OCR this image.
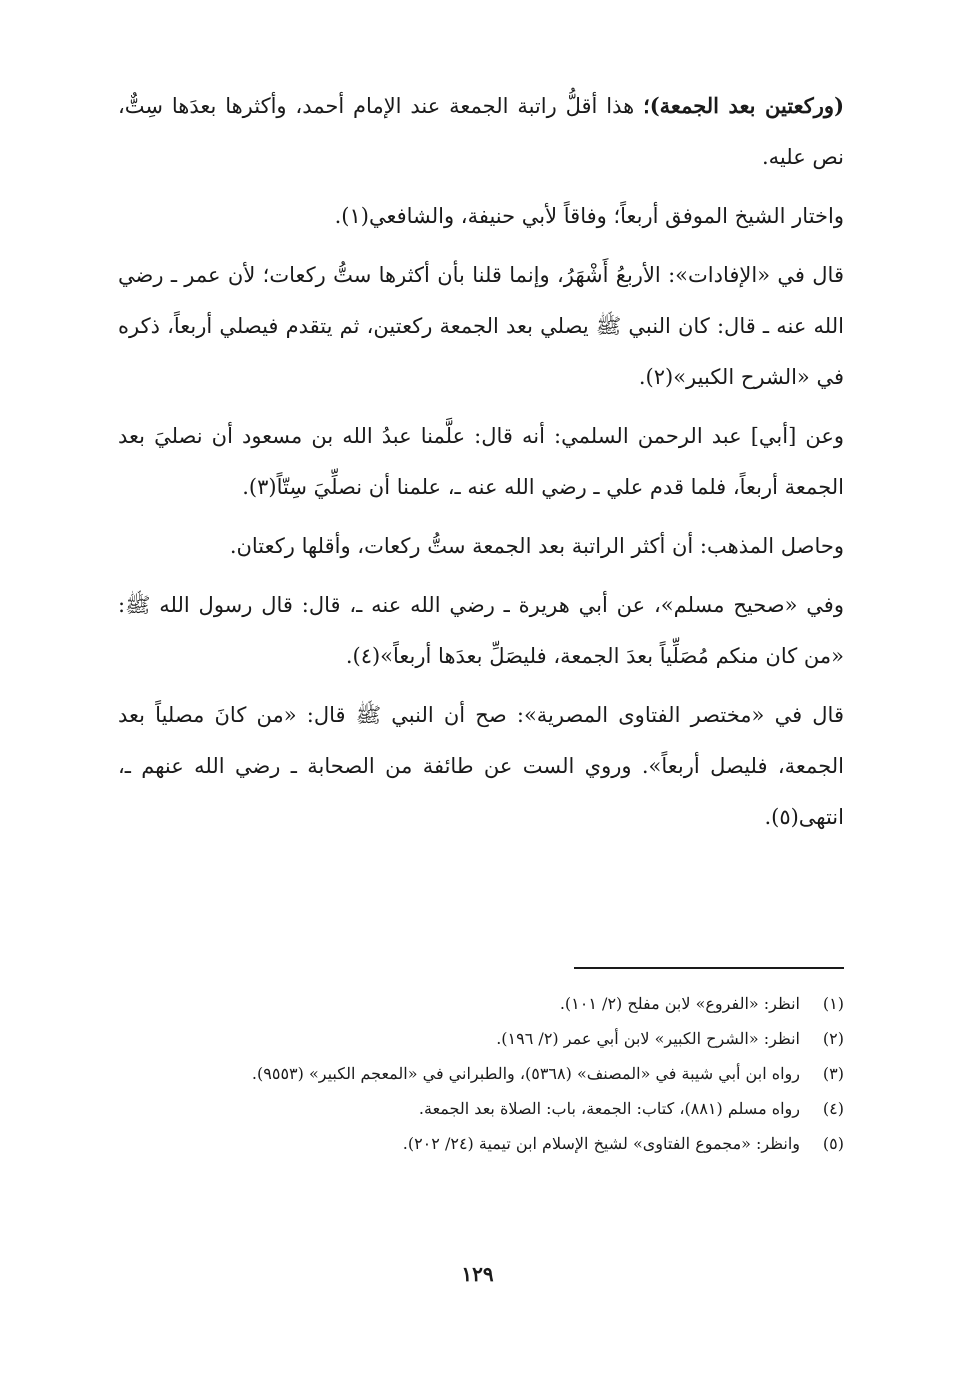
(وركعتين بعد الجمعة)؛ هذا أقلُّ راتبة الجمعة عند الإمام أحمد، وأكثرها بعدَها سِتٌّ، نص عليه.

واختار الشيخ الموفق أربعاً؛ وفاقاً لأبي حنيفة، والشافعي(١).

قال في «الإفادات»: الأربعُ أَشْهَرُ، وإنما قلنا بأن أكثرها ستُّ ركعات؛ لأن عمر ـ رضي الله عنه ـ قال: كان النبي ﷺ يصلي بعد الجمعة ركعتين، ثم يتقدم فيصلي أربعاً، ذكره في «الشرح الكبير»(٢).

وعن [أبي] عبد الرحمن السلمي: أنه قال: علَّمنا عبدُ الله بن مسعود أن نصليَ بعد الجمعة أربعاً، فلما قدم علي ـ رضي الله عنه ـ، علمنا أن نصلِّيَ سِتّاً(٣).

وحاصل المذهب: أن أكثر الراتبة بعد الجمعة ستُّ ركعات، وأقلها ركعتان.

وفي «صحيح مسلم»، عن أبي هريرة ـ رضي الله عنه ـ، قال: قال رسول الله ﷺ: «من كان منكم مُصَلِّياً بعدَ الجمعة، فليصَلِّ بعدَها أربعاً»(٤).

قال في «مختصر الفتاوى المصرية»: صح أن النبي ﷺ قال: «من كانَ مصلياً بعد الجمعة، فليصل أربعاً». وروي الست عن طائفة من الصحابة ـ رضي الله عنهم ـ، انتهى(٥).

(١)
انظر: «الفروع» لابن مفلح (٢/ ١٠١).
(٢)
انظر: «الشرح الكبير» لابن أبي عمر (٢/ ١٩٦).
(٣)
رواه ابن أبي شيبة في «المصنف» (٥٣٦٨)، والطبراني في «المعجم الكبير» (٩٥٥٣).
(٤)
رواه مسلم (٨٨١)، كتاب: الجمعة، باب: الصلاة بعد الجمعة.
(٥)
وانظر: «مجموع الفتاوى» لشيخ الإسلام ابن تيمية (٢٤/ ٢٠٢).
١٢٩
